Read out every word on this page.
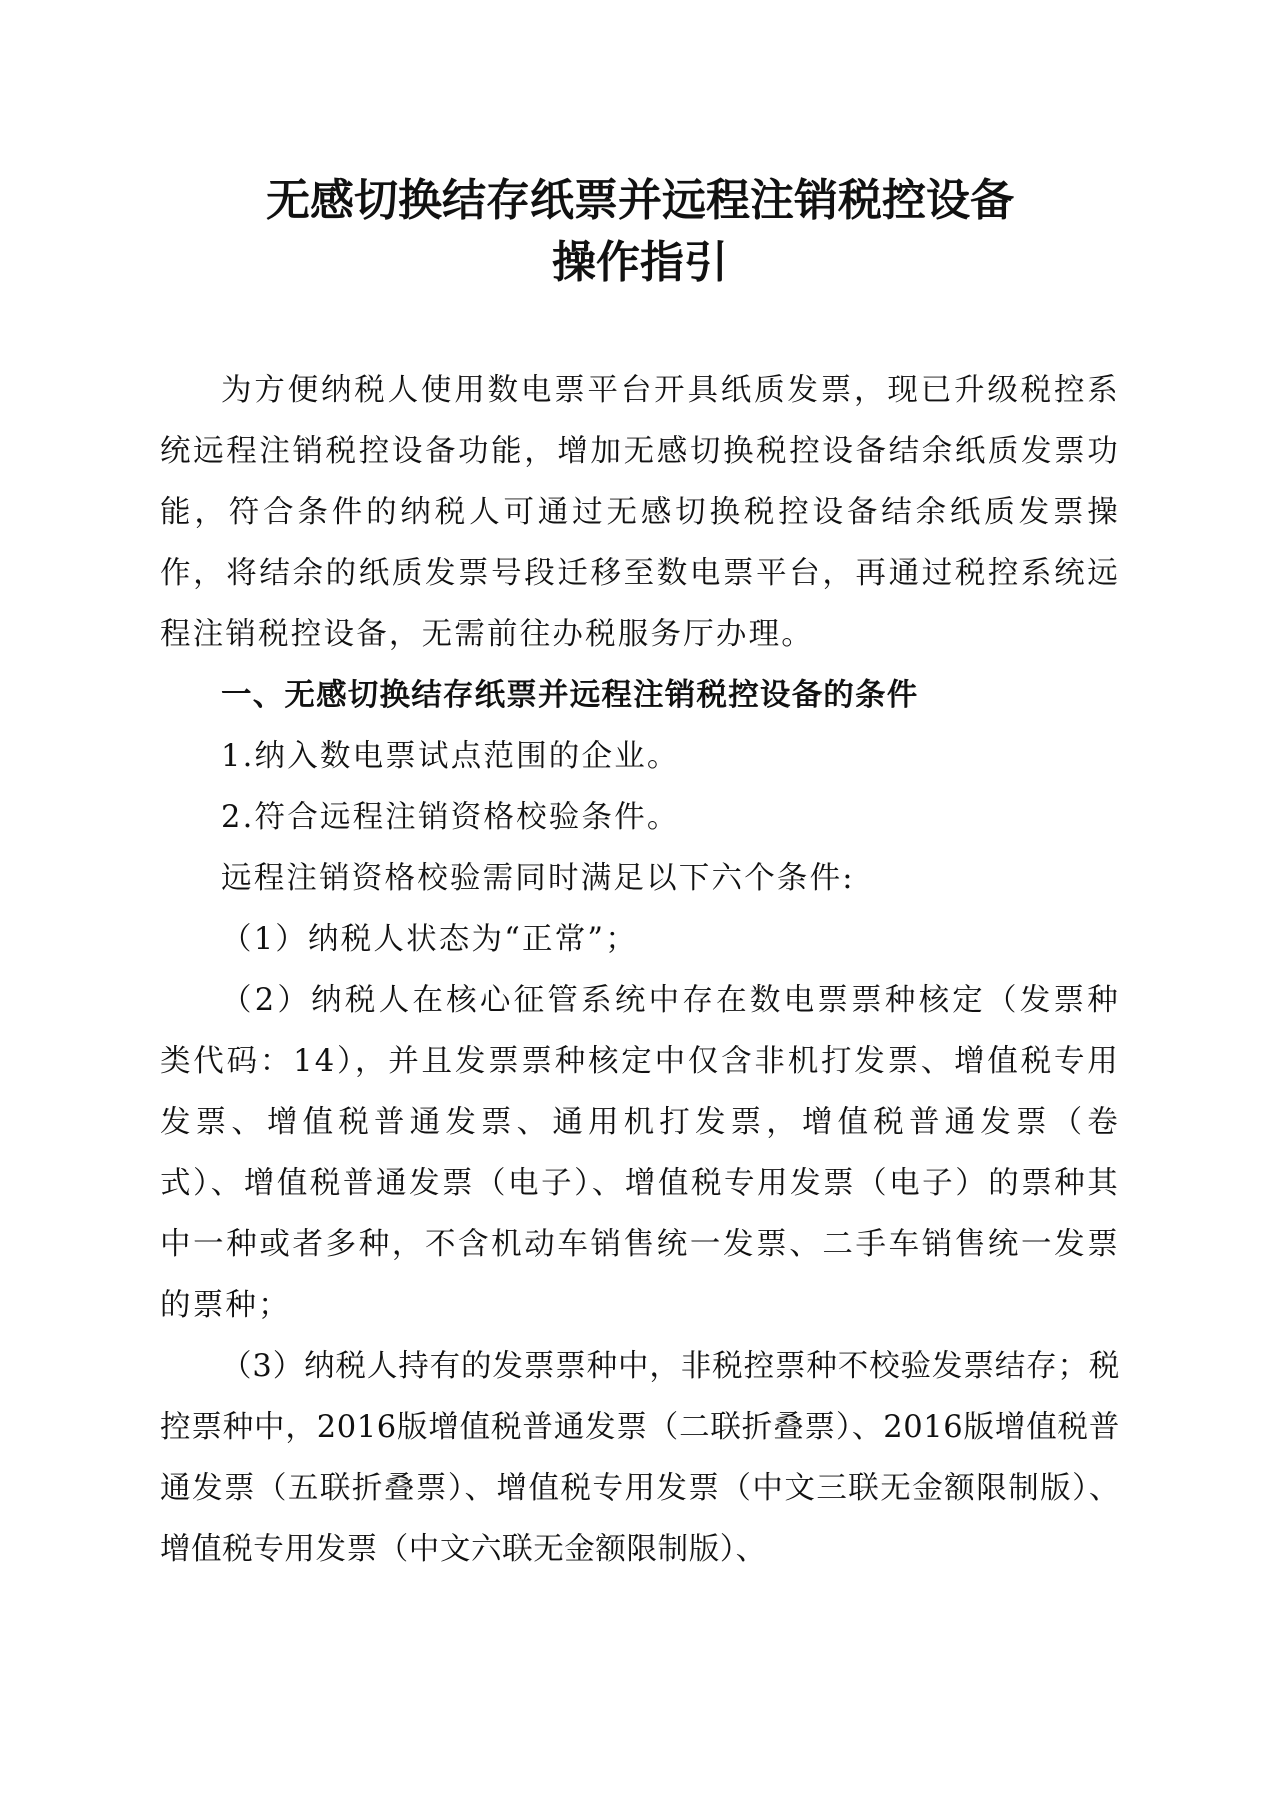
无感切换结存纸票并远程注销税控设备
操作指引

为方便纳税人使用数电票平台开具纸质发票，现已升级税控系统远程注销税控设备功能，增加无感切换税控设备结余纸质发票功能，符合条件的纳税人可通过无感切换税控设备结余纸质发票操作，将结余的纸质发票号段迁移至数电票平台，再通过税控系统远程注销税控设备，无需前往办税服务厅办理。

一、无感切换结存纸票并远程注销税控设备的条件

1.纳入数电票试点范围的企业。

2.符合远程注销资格校验条件。

远程注销资格校验需同时满足以下六个条件:

（1）纳税人状态为“正常”；

（2）纳税人在核心征管系统中存在数电票票种核定（发票种类代码：14），并且发票票种核定中仅含非机打发票、增值税专用发票、增值税普通发票、通用机打发票，增值税普通发票（卷式）、增值税普通发票（电子）、增值税专用发票（电子）的票种其中一种或者多种，不含机动车销售统一发票、二手车销售统一发票的票种；

（3）纳税人持有的发票票种中，非税控票种不校验发票结存；税控票种中，2016版增值税普通发票（二联折叠票）、2016版增值税普通发票（五联折叠票）、增值税专用发票（中文三联无金额限制版）、增值税专用发票（中文六联无金额限制版）、
